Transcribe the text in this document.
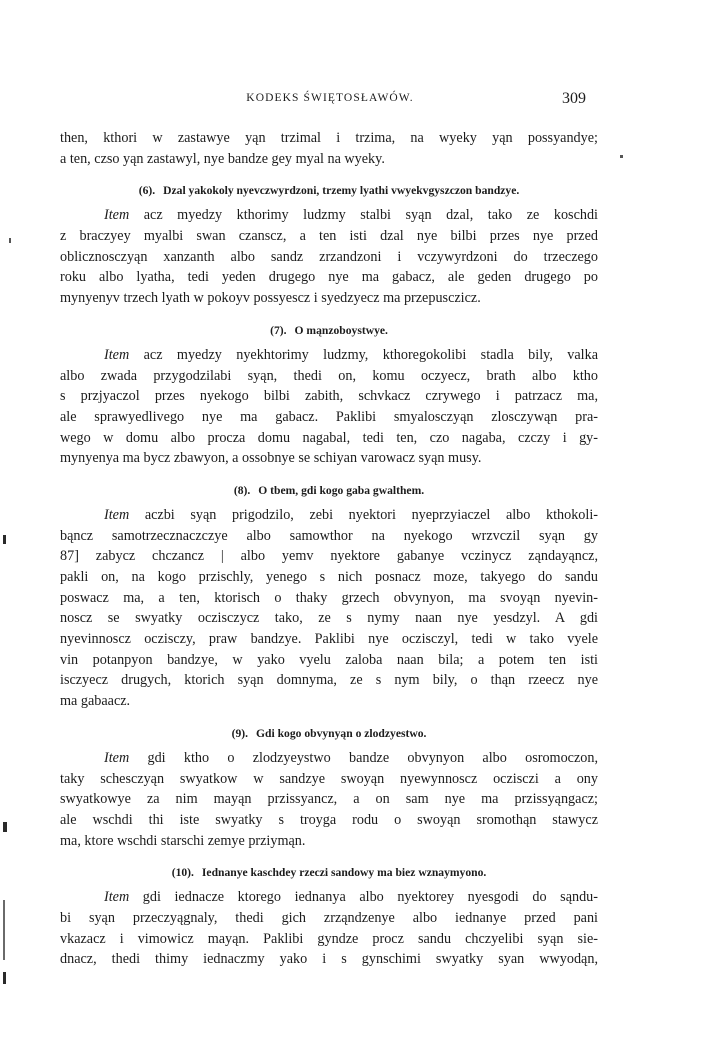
KODEKS ŚWIĘTOSŁAWÓW.	309
then, kthori w zastawye yąn trzimal i trzima, na wyeky yąn possyandye;
a ten, czso yąn zastawyl, nye bandze gey myal na wyeky.
(6). Dzal yakokoly nyevczwyrdzoni, trzemy lyathi vwyekvgyszczon bandzye.
Item acz myedzy kthorimy ludzmy stalbi syąn dzal, tako ze koschdi
z braczyey myalbi swan czanscz, a ten isti dzal nye bilbi przes nye przed
oblicznosczyąn xanzanth albo sandz zrzandzoni i vczywyrdzoni do trzeczego
roku albo lyatha, tedi yeden drugego nye ma gabacz, ale geden drugego po
mynyenyv trzech lyath w pokoyv possyescz i syedzyecz ma przepusczicz.
(7). O mąnzoboystwye.
Item acz myedzy nyekhtorimy ludzmy, kthoregokolibi stadla bily, valka
albo zwada przygodzilabi syąn, thedi on, komu oczyecz, brath albo ktho
s przjyaczol przes nyekogo bilbi zabith, schvkacz czrywego i patrzacz ma,
ale sprawyedlivego nye ma gabacz. Paklibi smyalosczyąn zlosczywąn pra-
wego w domu albo procza domu nagabal, tedi ten, czo nagaba, czczy i gy-
mynyenya ma bycz zbawyon, a ossobnye se schiyan varowacz syąn musy.
(8). O tbem, gdi kogo gaba gwalthem.
Item aczbi syąn prigodzilo, zebi nyektori nyeprzyiaczel albo kthokoli-
bąncz samotrzecznaczczye albo samowthor na nyekogo wrzvczil syąn gy
87] zabycz chczancz | albo yemv nyektore gabanye vczinycz ząndayąncz,
pakli on, na kogo przischly, yenego s nich posnacz moze, takyego do sandu
poswacz ma, a ten, ktorisch o thaky grzech obvynyon, ma svoyąn nyevin-
noscz se swyatky oczisczycz tako, ze s nymy naan nye yesdzyl. A gdi
nyevinnoscz oczisczy, praw bandzye. Paklibi nye oczisczyl, tedi w tako vyele
vin potanpyon bandzye, w yako vyelu zaloba naan bila; a potem ten isti
isczyecz drugych, ktorich syąn domnyma, ze s nym bily, o thąn rzeecz nye
ma gabaacz.
(9). Gdi kogo obvynyąn o zlodzyestwo.
Item gdi ktho o zlodzyeystwo bandze obvynyon albo osromoczon,
taky schesczyąn swyatkow w sandzye swoyąn nyewynnoscz oczisczi a ony
swyatkowye za nim mayąn przissyancz, a on sam nye ma przissyąngacz;
ale wschdi thi iste swyatky s troyga rodu o swoyąn sromothąn stawycz
ma, ktore wschdi starschi zemye prziymąn.
(10). Iednanye kaschdey rzeczi sandowy ma biez wznaymyono.
Item gdi iednacze ktorego iednanya albo nyektorey nyesgodi do sąndu-
bi syąn przeczyągnaly, thedi gich zrząndzenye albo iednanye przed pani
vkazacz i vimowicz mayąn. Paklibi gyndze procz sandu chczyelibi syąn sie-
dnacz, thedi thimy iednaczmy yako i s gynschimi swyatky syan wwyodąn,
